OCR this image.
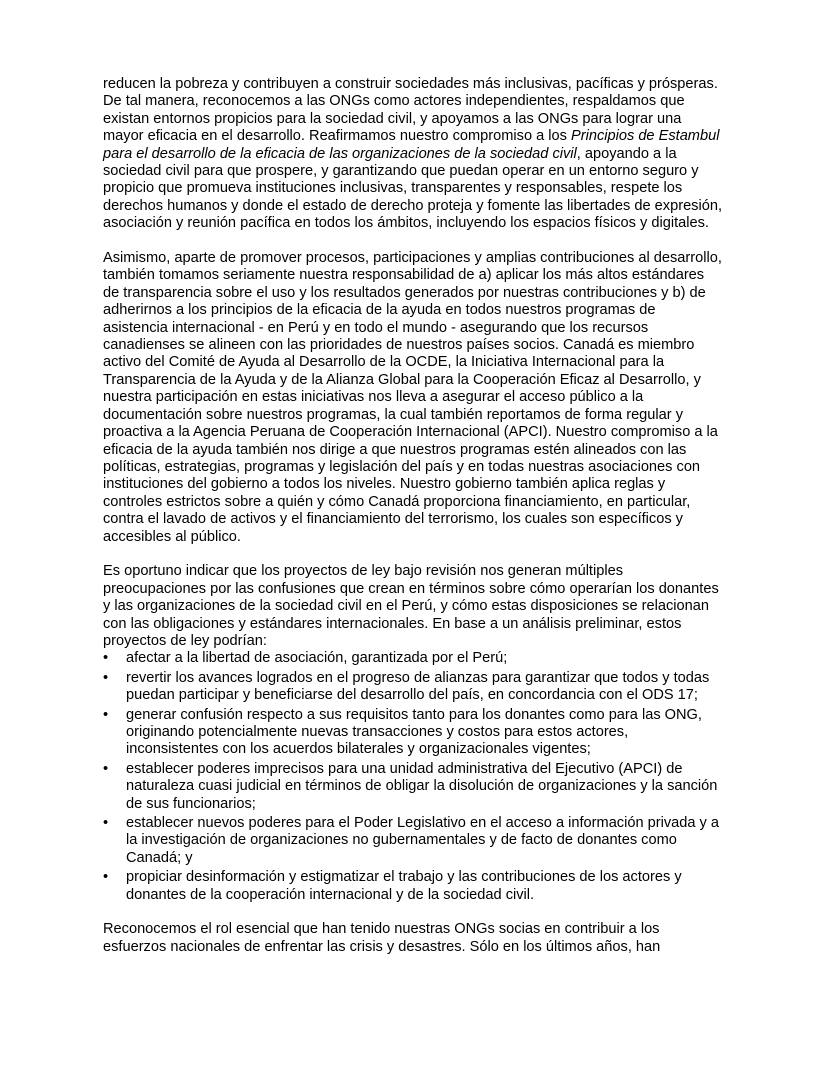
reducen la pobreza y contribuyen a construir sociedades más inclusivas, pacíficas y prósperas. De tal manera, reconocemos a las ONGs como actores independientes, respaldamos que existan entornos propicios para la sociedad civil, y apoyamos a las ONGs para lograr una mayor eficacia en el desarrollo. Reafirmamos nuestro compromiso a los Principios de Estambul para el desarrollo de la eficacia de las organizaciones de la sociedad civil, apoyando a la sociedad civil para que prospere, y garantizando que puedan operar en un entorno seguro y propicio que promueva instituciones inclusivas, transparentes y responsables, respete los derechos humanos y donde el estado de derecho proteja y fomente las libertades de expresión, asociación y reunión pacífica en todos los ámbitos, incluyendo los espacios físicos y digitales.

Asimismo, aparte de promover procesos, participaciones y amplias contribuciones al desarrollo, también tomamos seriamente nuestra responsabilidad de a) aplicar los más altos estándares de transparencia sobre el uso y los resultados generados por nuestras contribuciones y b) de adherirnos a los principios de la eficacia de la ayuda en todos nuestros programas de asistencia internacional - en Perú y en todo el mundo - asegurando que los recursos canadienses se alineen con las prioridades de nuestros países socios. Canadá es miembro activo del Comité de Ayuda al Desarrollo de la OCDE, la Iniciativa Internacional para la Transparencia de la Ayuda y de la Alianza Global para la Cooperación Eficaz al Desarrollo, y nuestra participación en estas iniciativas nos lleva a asegurar el acceso público a la documentación sobre nuestros programas, la cual también reportamos de forma regular y proactiva a la Agencia Peruana de Cooperación Internacional (APCI). Nuestro compromiso a la eficacia de la ayuda también nos dirige a que nuestros programas estén alineados con las políticas, estrategias, programas y legislación del país y en todas nuestras asociaciones con instituciones del gobierno a todos los niveles. Nuestro gobierno también aplica reglas y controles estrictos sobre a quién y cómo Canadá proporciona financiamiento, en particular, contra el lavado de activos y el financiamiento del terrorismo, los cuales son específicos y accesibles al público.

Es oportuno indicar que los proyectos de ley bajo revisión nos generan múltiples preocupaciones por las confusiones que crean en términos sobre cómo operarían los donantes y las organizaciones de la sociedad civil en el Perú, y cómo estas disposiciones se relacionan con las obligaciones y estándares internacionales. En base a un análisis preliminar, estos proyectos de ley podrían:

• afectar a la libertad de asociación, garantizada por el Perú;
• revertir los avances logrados en el progreso de alianzas para garantizar que todos y todas puedan participar y beneficiarse del desarrollo del país, en concordancia con el ODS 17;
• generar confusión respecto a sus requisitos tanto para los donantes como para las ONG, originando potencialmente nuevas transacciones y costos para estos actores, inconsistentes con los acuerdos bilaterales y organizacionales vigentes;
• establecer poderes imprecisos para una unidad administrativa del Ejecutivo (APCI) de naturaleza cuasi judicial en términos de obligar la disolución de organizaciones y la sanción de sus funcionarios;
• establecer nuevos poderes para el Poder Legislativo en el acceso a información privada y a la investigación de organizaciones no gubernamentales y de facto de donantes como Canadá; y
• propiciar desinformación y estigmatizar el trabajo y las contribuciones de los actores y donantes de la cooperación internacional y de la sociedad civil.

Reconocemos el rol esencial que han tenido nuestras ONGs socias en contribuir a los esfuerzos nacionales de enfrentar las crisis y desastres. Sólo en los últimos años, han
